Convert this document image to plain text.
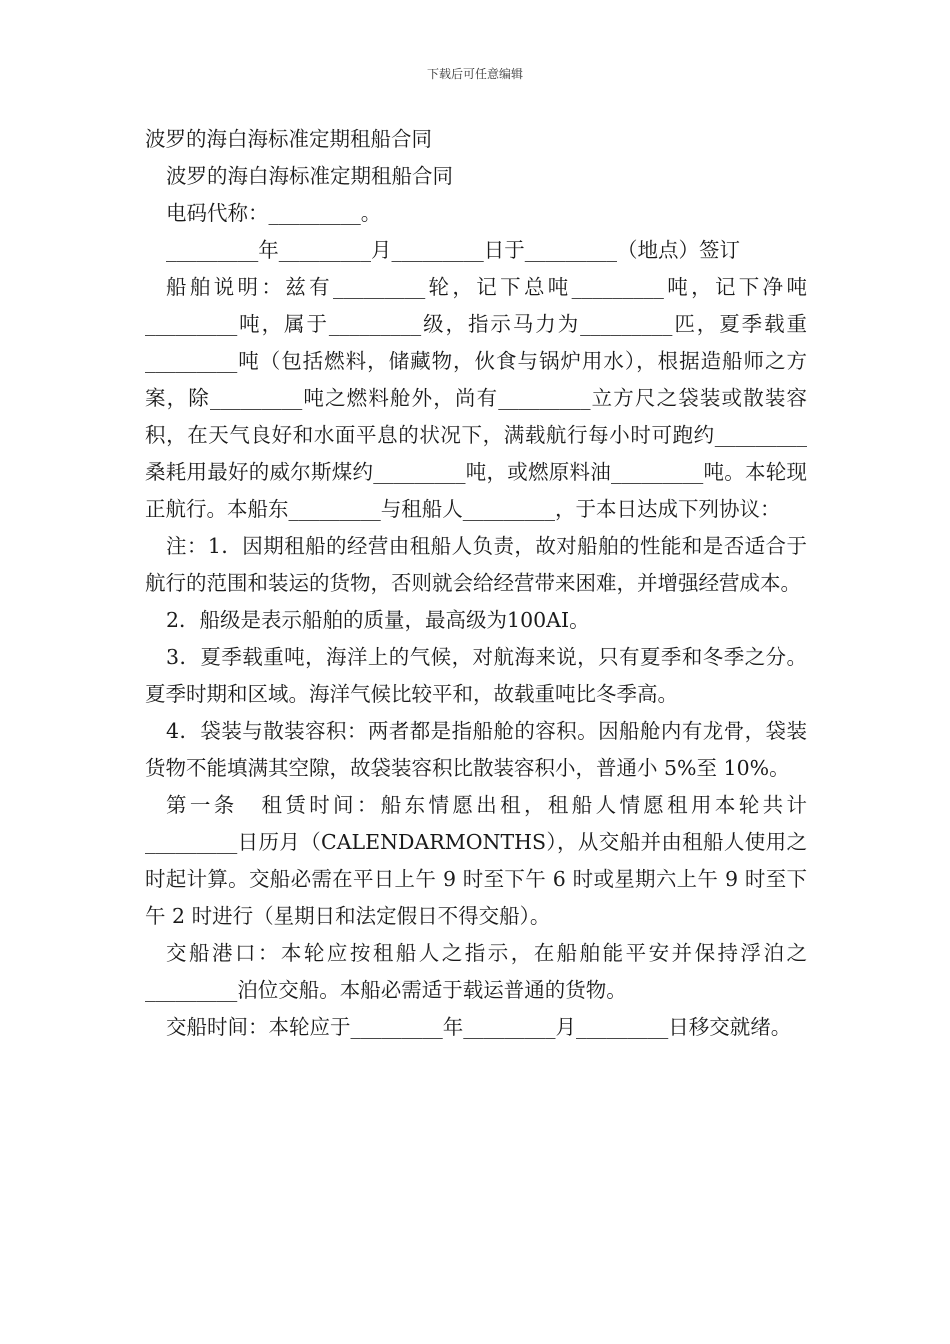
下载后可任意编辑

波罗的海白海标准定期租船合同

波罗的海白海标准定期租船合同

电码代称：_________。

_________年_________月_________日于_________（地点）签订

船舶说明：兹有_________轮，记下总吨_________吨，记下净吨_________吨，属于_________级，指示马力为_________匹，夏季载重_________吨（包括燃料，储藏物，伙食与锅炉用水），根据造船师之方案，除_________吨之燃料舱外，尚有_________立方尺之袋装或散装容积，在天气良好和水面平息的状况下，满载航行每小时可跑约_________桑耗用最好的威尔斯煤约_________吨，或燃原料油_________吨。本轮现正航行。本船东_________与租船人_________，于本日达成下列协议：

注：1．因期租船的经营由租船人负责，故对船舶的性能和是否适合于航行的范围和装运的货物，否则就会给经营带来困难，并增强经营成本。

2．船级是表示船舶的质量，最高级为100AI。

3．夏季载重吨，海洋上的气候，对航海来说，只有夏季和冬季之分。夏季时期和区域。海洋气候比较平和，故载重吨比冬季高。

4．袋装与散装容积：两者都是指船舱的容积。因船舱内有龙骨，袋装货物不能填满其空隙，故袋装容积比散装容积小，普通小 5%至 10%。

第一条　租赁时间：船东情愿出租，租船人情愿租用本轮共计_________日历月（CALENDARMONTHS），从交船并由租船人使用之时起计算。交船必需在平日上午 9 时至下午 6 时或星期六上午 9 时至下午 2 时进行（星期日和法定假日不得交船）。

交船港口：本轮应按租船人之指示，在船舶能平安并保持浮泊之_________泊位交船。本船必需适于载运普通的货物。

交船时间：本轮应于_________年_________月_________日移交就绪。
